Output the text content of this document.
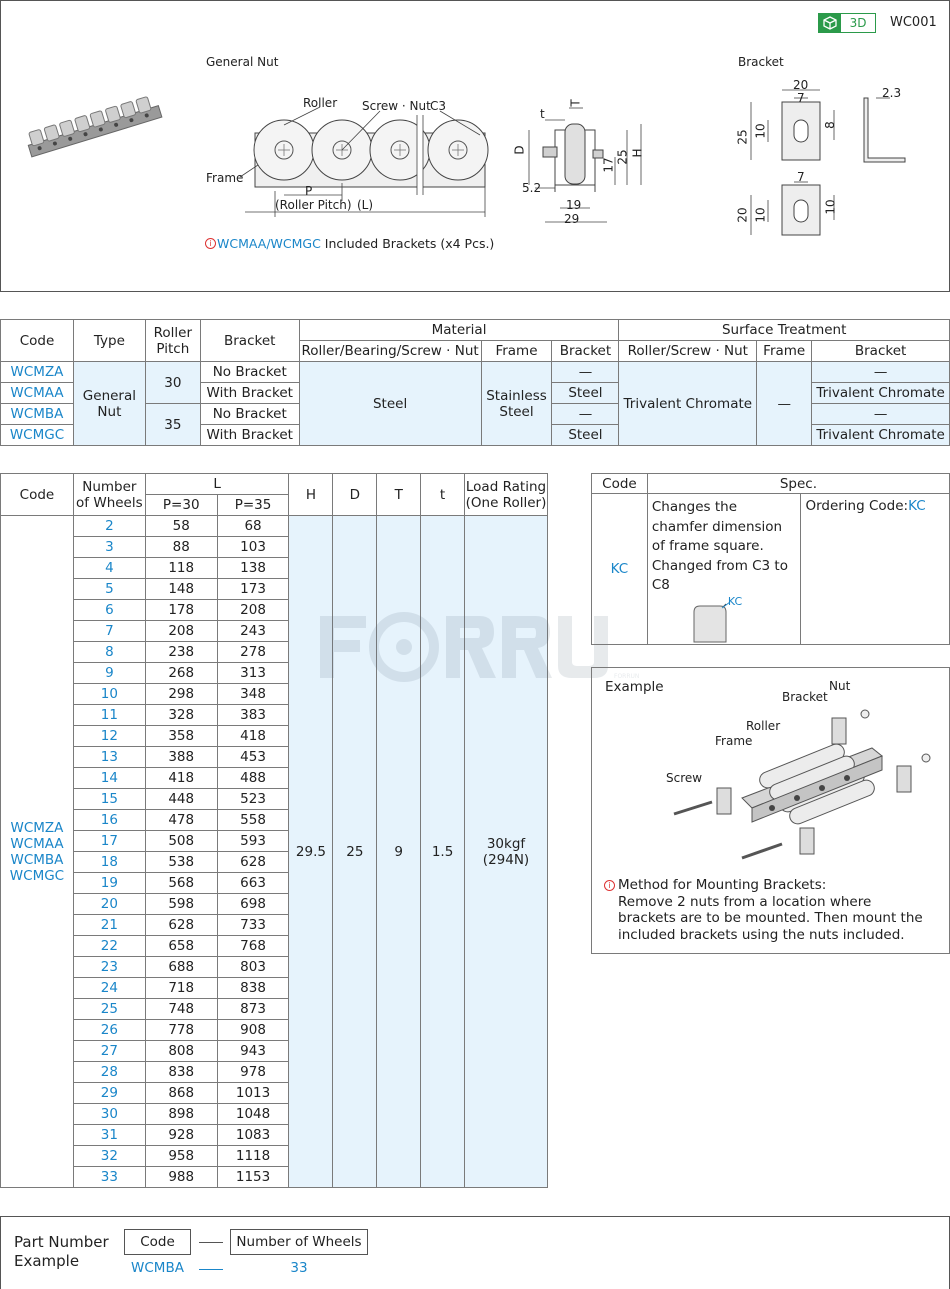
3D	WC001
General Nut	Bracket
Roller Screw · Nut C3
Frame
P
(Roller Pitch) (L)
t
T
D
17
25 H
5.2
19
29
20
7
25 10	8
2.3
7
20 10
10
i WCMAA/WCMGC Included Brackets (x4 Pcs.)
Code	Type	Roller Pitch	Bracket	Material			Surface Treatment		
				Roller/Bearing/Screw · Nut	Frame	Bracket	Roller/Screw · Nut	Frame	Bracket
WCMZA	General Nut	30	No Bracket	Steel	Stainless Steel	—	Trivalent Chromate	—	—
WCMAA			With Bracket			Steel			Trivalent Chromate
WCMBA		35	No Bracket			—			—
WCMGC			With Bracket			Steel			Trivalent Chromate
Code	Number of Wheels	L		H	D	T	t	Load Rating (One Roller)
		P=30	P=35					

WCMZA
WCMAA
WCMBA
WCMGC	2	58	68	29.5	25	9	1.5	30kgf (294N)
	3	88	103					
	4	118	138					
	5	148	173					
	6	178	208					
	7	208	243					
	8	238	278					
	9	268	313					
	10	298	348					
	11	328	383					
	12	358	418					
	13	388	453					
	14	418	488					
	15	448	523					
	16	478	558					
	17	508	593					
	18	538	628					
	19	568	663					
	20	598	698					
	21	628	733					
	22	658	768					
	23	688	803					
	24	718	838					
	25	748	873					
	26	778	908					
	27	808	943					
	28	838	978					
	29	868	1013					
	30	898	1048					
	31	928	1083					
	32	958	1118					
	33	988	1153					
FORRUN
Code	Spec.	
KC	Changes the chamfer dimension of frame square. Changed from C3 to C8
KC	Ordering Code:KC
Example
Bracket
Nut
Roller
Frame
Screw
i Method for Mounting Brackets:
Remove 2 nuts from a location where brackets are to be mounted. Then mount the included brackets using the nuts included.
Part Number Example
Code	Number of Wheels
WCMBA	33
